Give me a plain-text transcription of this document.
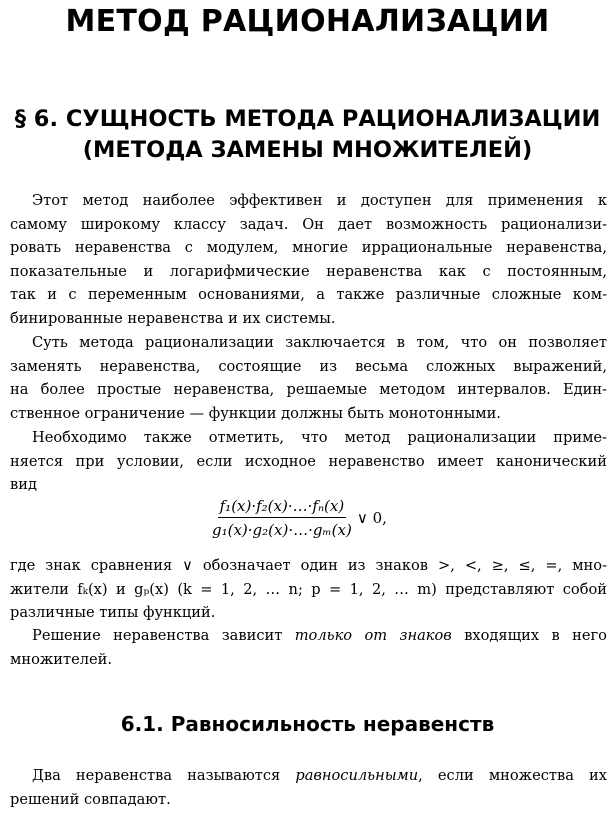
МЕТОД РАЦИОНАЛИЗАЦИИ
§ 6. СУЩНОСТЬ МЕТОДА РАЦИОНАЛИЗАЦИИ
(МЕТОДА ЗАМЕНЫ МНОЖИТЕЛЕЙ)

Этот метод наиболее эффективен и доступен для применения к
самому широкому классу задач. Он дает возможность рационализи-
ровать неравенства с модулем, многие иррациональные неравенства,
показательные и логарифмические неравенства как с постоянным,
так и с переменным основаниями, а также различные сложные ком-
бинированные неравенства и их системы.

Суть метода рационализации заключается в том, что он позволяет
заменять неравенства, состоящие из весьма сложных выражений,
на более простые неравенства, решаемые методом интервалов. Един-
ственное ограничение — функции должны быть монотонными.

Необходимо также отметить, что метод рационализации приме-
няется при условии, если исходное неравенство имеет канонический
вид

$\frac{\text{f₁(x)·f₂(x)·…·fₙ(x)}}{\text{g₁(x)·g₂(x)·…·gₘ(x)}}$ ∨ 0,

где знак сравнения ∨ обозначает один из знаков >, <, ≥, ≤, =, мно-
жители fₖ(x) и gₚ(x) (k = 1, 2, … n; p = 1, 2, … m) представляют собой
различные типы функций.

Решение неравенства зависит только от знаков входящих в него
множителей.

6.1. Равносильность неравенств

Два неравенства называются равносильными, если множества их
решений совпадают.
